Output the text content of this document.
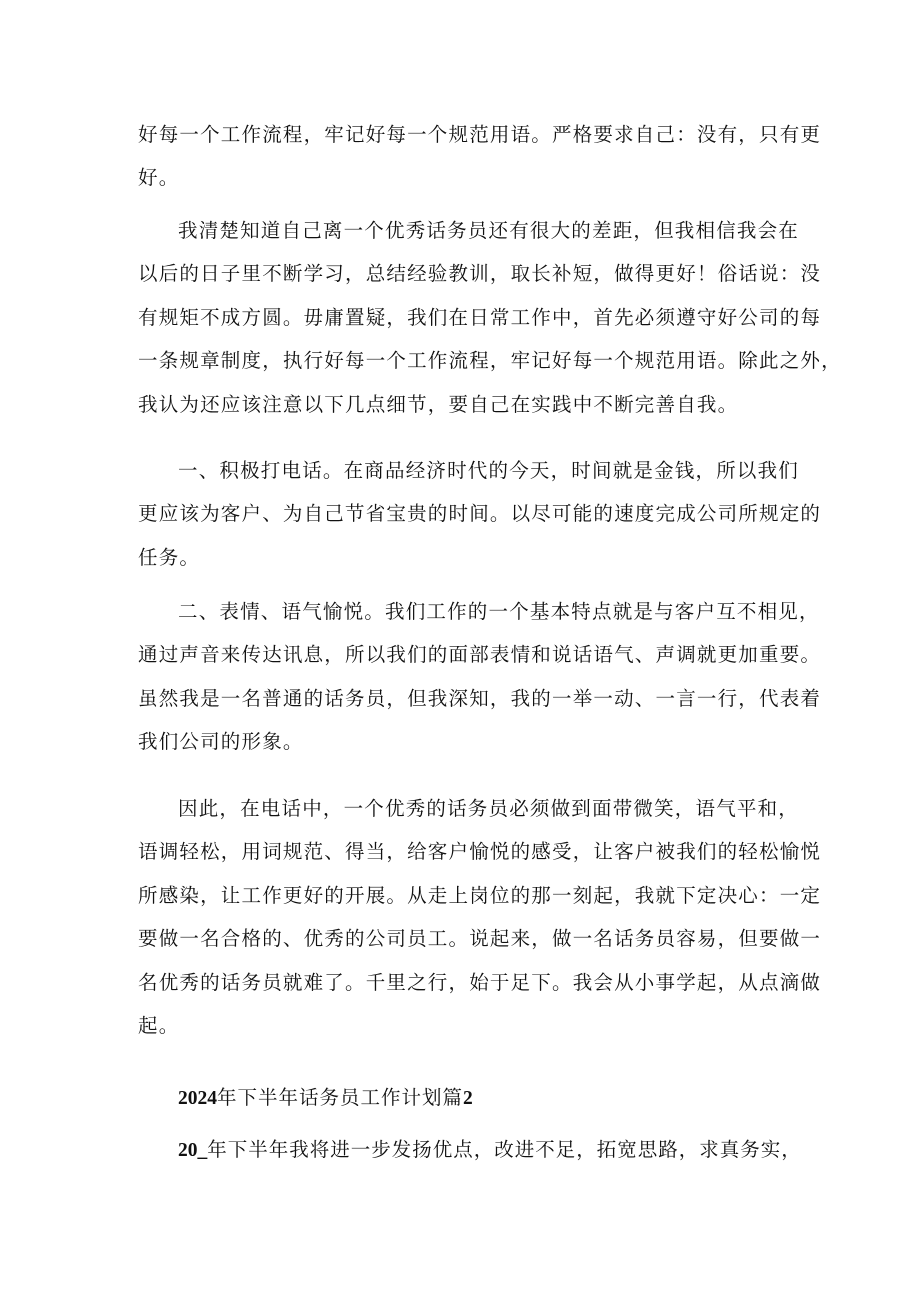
好每一个工作流程，牢记好每一个规范用语。严格要求自己：没有，只有更
好。
我清楚知道自己离一个优秀话务员还有很大的差距，但我相信我会在
以后的日子里不断学习，总结经验教训，取长补短，做得更好！俗话说：没
有规矩不成方圆。毋庸置疑，我们在日常工作中，首先必须遵守好公司的每
一条规章制度，执行好每一个工作流程，牢记好每一个规范用语。除此之外，
我认为还应该注意以下几点细节，要自己在实践中不断完善自我。
一、积极打电话。在商品经济时代的今天，时间就是金钱，所以我们
更应该为客户、为自己节省宝贵的时间。以尽可能的速度完成公司所规定的
任务。
二、表情、语气愉悦。我们工作的一个基本特点就是与客户互不相见，
通过声音来传达讯息，所以我们的面部表情和说话语气、声调就更加重要。
虽然我是一名普通的话务员，但我深知，我的一举一动、一言一行，代表着
我们公司的形象。
因此，在电话中，一个优秀的话务员必须做到面带微笑，语气平和，
语调轻松，用词规范、得当，给客户愉悦的感受，让客户被我们的轻松愉悦
所感染，让工作更好的开展。从走上岗位的那一刻起，我就下定决心：一定
要做一名合格的、优秀的公司员工。说起来，做一名话务员容易，但要做一
名优秀的话务员就难了。千里之行，始于足下。我会从小事学起，从点滴做
起。
2024年下半年话务员工作计划篇2
20_年下半年我将进一步发扬优点，改进不足，拓宽思路，求真务实，
